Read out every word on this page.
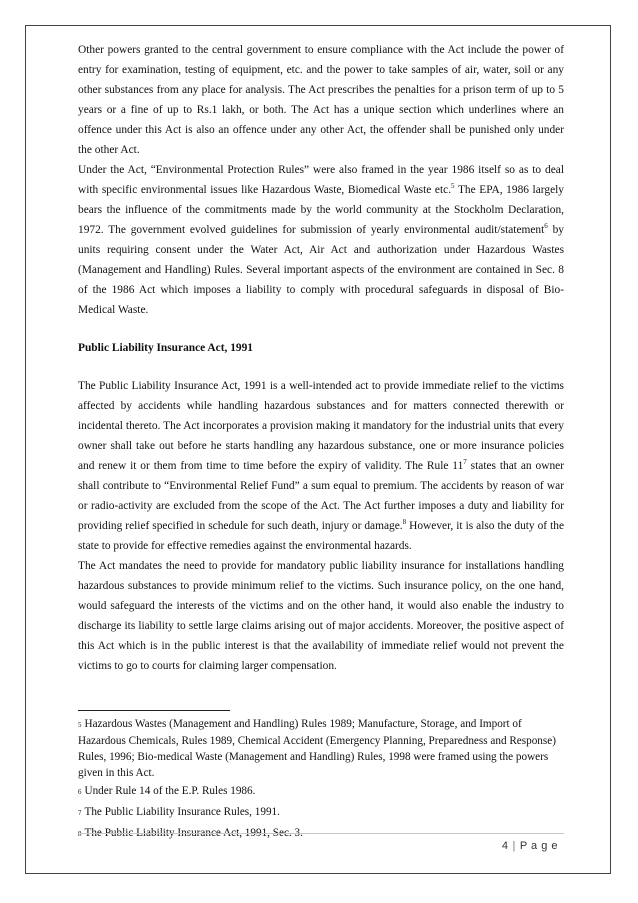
Other powers granted to the central government to ensure compliance with the Act include the power of entry for examination, testing of equipment, etc. and the power to take samples of air, water, soil or any other substances from any place for analysis. The Act prescribes the penalties for a prison term of up to 5 years or a fine of up to Rs.1 lakh, or both. The Act has a unique section which underlines where an offence under this Act is also an offence under any other Act, the offender shall be punished only under the other Act.

Under the Act, “Environmental Protection Rules” were also framed in the year 1986 itself so as to deal with specific environmental issues like Hazardous Waste, Biomedical Waste etc.$^5$ The EPA, 1986 largely bears the influence of the commitments made by the world community at the Stockholm Declaration, 1972. The government evolved guidelines for submission of yearly environmental audit/statement$^6$ by units requiring consent under the Water Act, Air Act and authorization under Hazardous Wastes (Management and Handling) Rules. Several important aspects of the environment are contained in Sec. 8 of the 1986 Act which imposes a liability to comply with procedural safeguards in disposal of Bio-Medical Waste.

Public Liability Insurance Act, 1991

The Public Liability Insurance Act, 1991 is a well-intended act to provide immediate relief to the victims affected by accidents while handling hazardous substances and for matters connected therewith or incidental thereto. The Act incorporates a provision making it mandatory for the industrial units that every owner shall take out before he starts handling any hazardous substance, one or more insurance policies and renew it or them from time to time before the expiry of validity. The Rule $11^7$ states that an owner shall contribute to “Environmental Relief Fund” a sum equal to premium. The accidents by reason of war or radio-activity are excluded from the scope of the Act. The Act further imposes a duty and liability for providing relief specified in schedule for such death, injury or damage.$^8$ However, it is also the duty of the state to provide for effective remedies against the environmental hazards.

The Act mandates the need to provide for mandatory public liability insurance for installations handling hazardous substances to provide minimum relief to the victims. Such insurance policy, on the one hand, would safeguard the interests of the victims and on the other hand, it would also enable the industry to discharge its liability to settle large claims arising out of major accidents. Moreover, the positive aspect of this Act which is in the public interest is that the availability of immediate relief would not prevent the victims to go to courts for claiming larger compensation.

5 Hazardous Wastes (Management and Handling) Rules 1989; Manufacture, Storage, and Import of Hazardous Chemicals, Rules 1989, Chemical Accident (Emergency Planning, Preparedness and Response) Rules, 1996; Bio-medical Waste (Management and Handling) Rules, 1998 were framed using the powers given in this Act.

6 Under Rule 14 of the E.P. Rules 1986.

7 The Public Liability Insurance Rules, 1991.

8 The Public Liability Insurance Act, 1991, Sec. 3.

4 | P a g e
